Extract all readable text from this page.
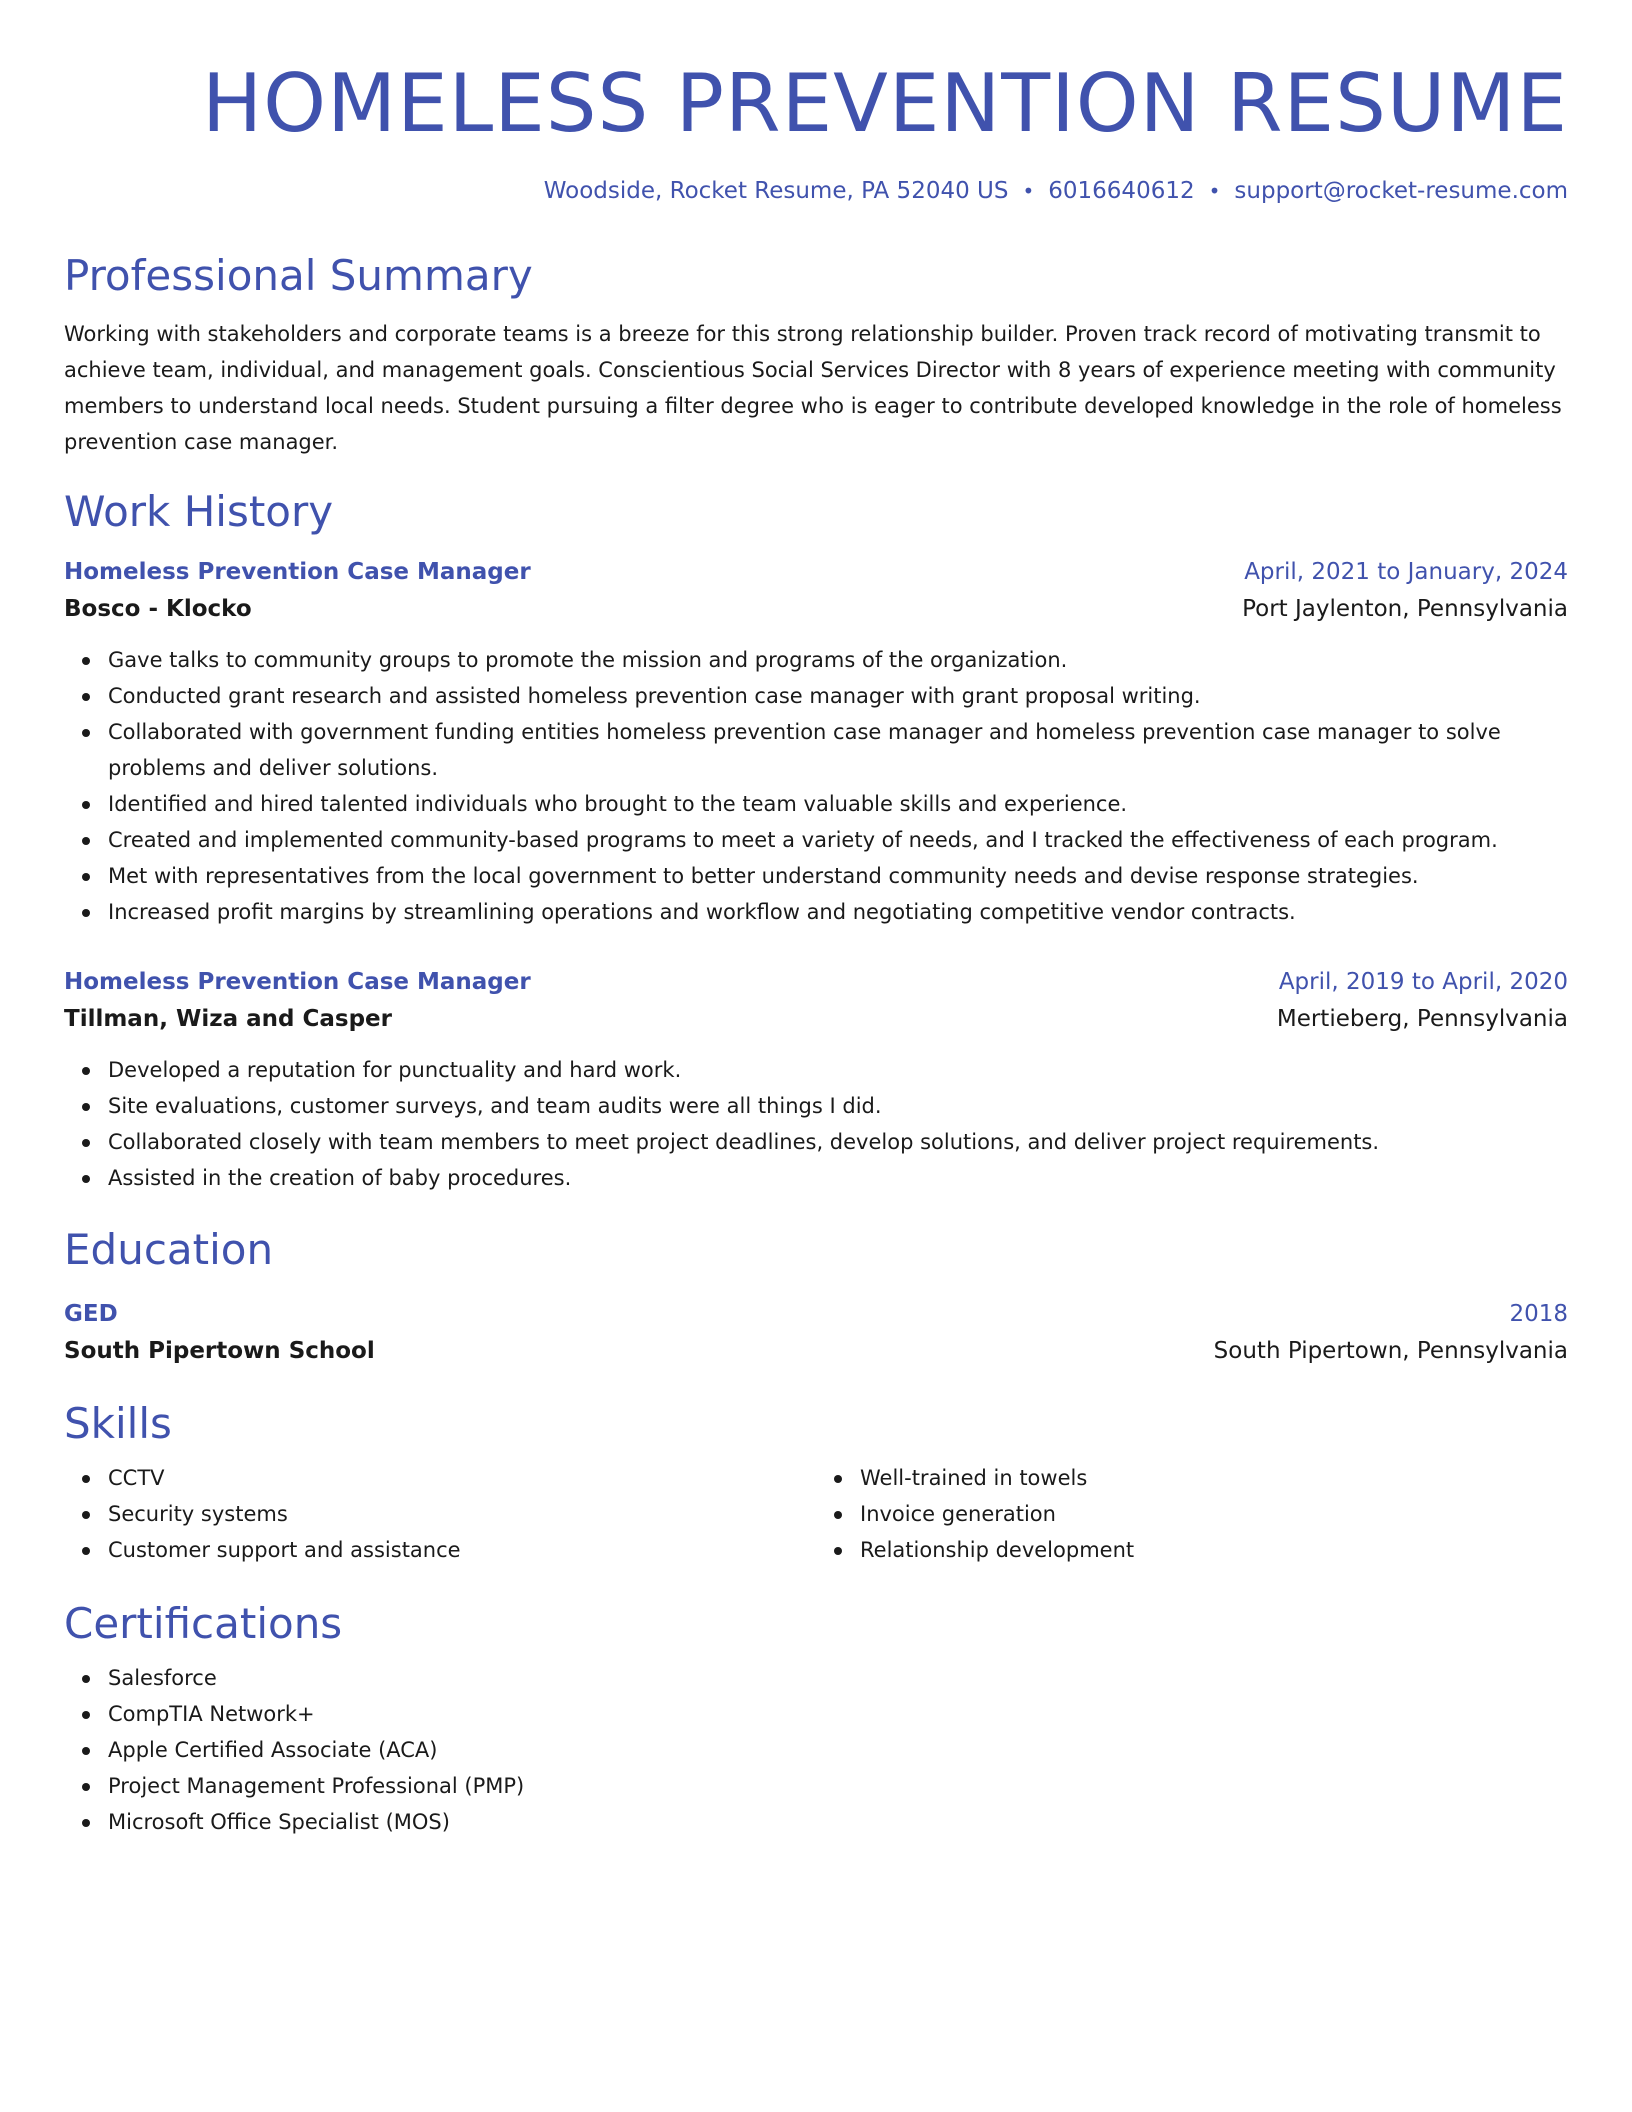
HOMELESS PREVENTION RESUME
Woodside, Rocket Resume, PA 52040 US • 6016640612 • support@rocket-resume.com
Professional Summary
Working with stakeholders and corporate teams is a breeze for this strong relationship builder. Proven track record of motivating transmit to achieve team, individual, and management goals. Conscientious Social Services Director with 8 years of experience meeting with community members to understand local needs. Student pursuing a filter degree who is eager to contribute developed knowledge in the role of homeless prevention case manager.
Work History
Homeless Prevention Case Manager	April, 2021 to January, 2024
Bosco - Klocko	Port Jaylenton, Pennsylvania
Gave talks to community groups to promote the mission and programs of the organization.
Conducted grant research and assisted homeless prevention case manager with grant proposal writing.
Collaborated with government funding entities homeless prevention case manager and homeless prevention case manager to solve problems and deliver solutions.
Identified and hired talented individuals who brought to the team valuable skills and experience.
Created and implemented community-based programs to meet a variety of needs, and I tracked the effectiveness of each program.
Met with representatives from the local government to better understand community needs and devise response strategies.
Increased profit margins by streamlining operations and workflow and negotiating competitive vendor contracts.
Homeless Prevention Case Manager	April, 2019 to April, 2020
Tillman, Wiza and Casper	Mertieberg, Pennsylvania
Developed a reputation for punctuality and hard work.
Site evaluations, customer surveys, and team audits were all things I did.
Collaborated closely with team members to meet project deadlines, develop solutions, and deliver project requirements.
Assisted in the creation of baby procedures.
Education
GED	2018
South Pipertown School	South Pipertown, Pennsylvania
Skills
CCTV
Security systems
Customer support and assistance
Well-trained in towels
Invoice generation
Relationship development
Certifications
Salesforce
CompTIA Network+
Apple Certified Associate (ACA)
Project Management Professional (PMP)
Microsoft Office Specialist (MOS)
